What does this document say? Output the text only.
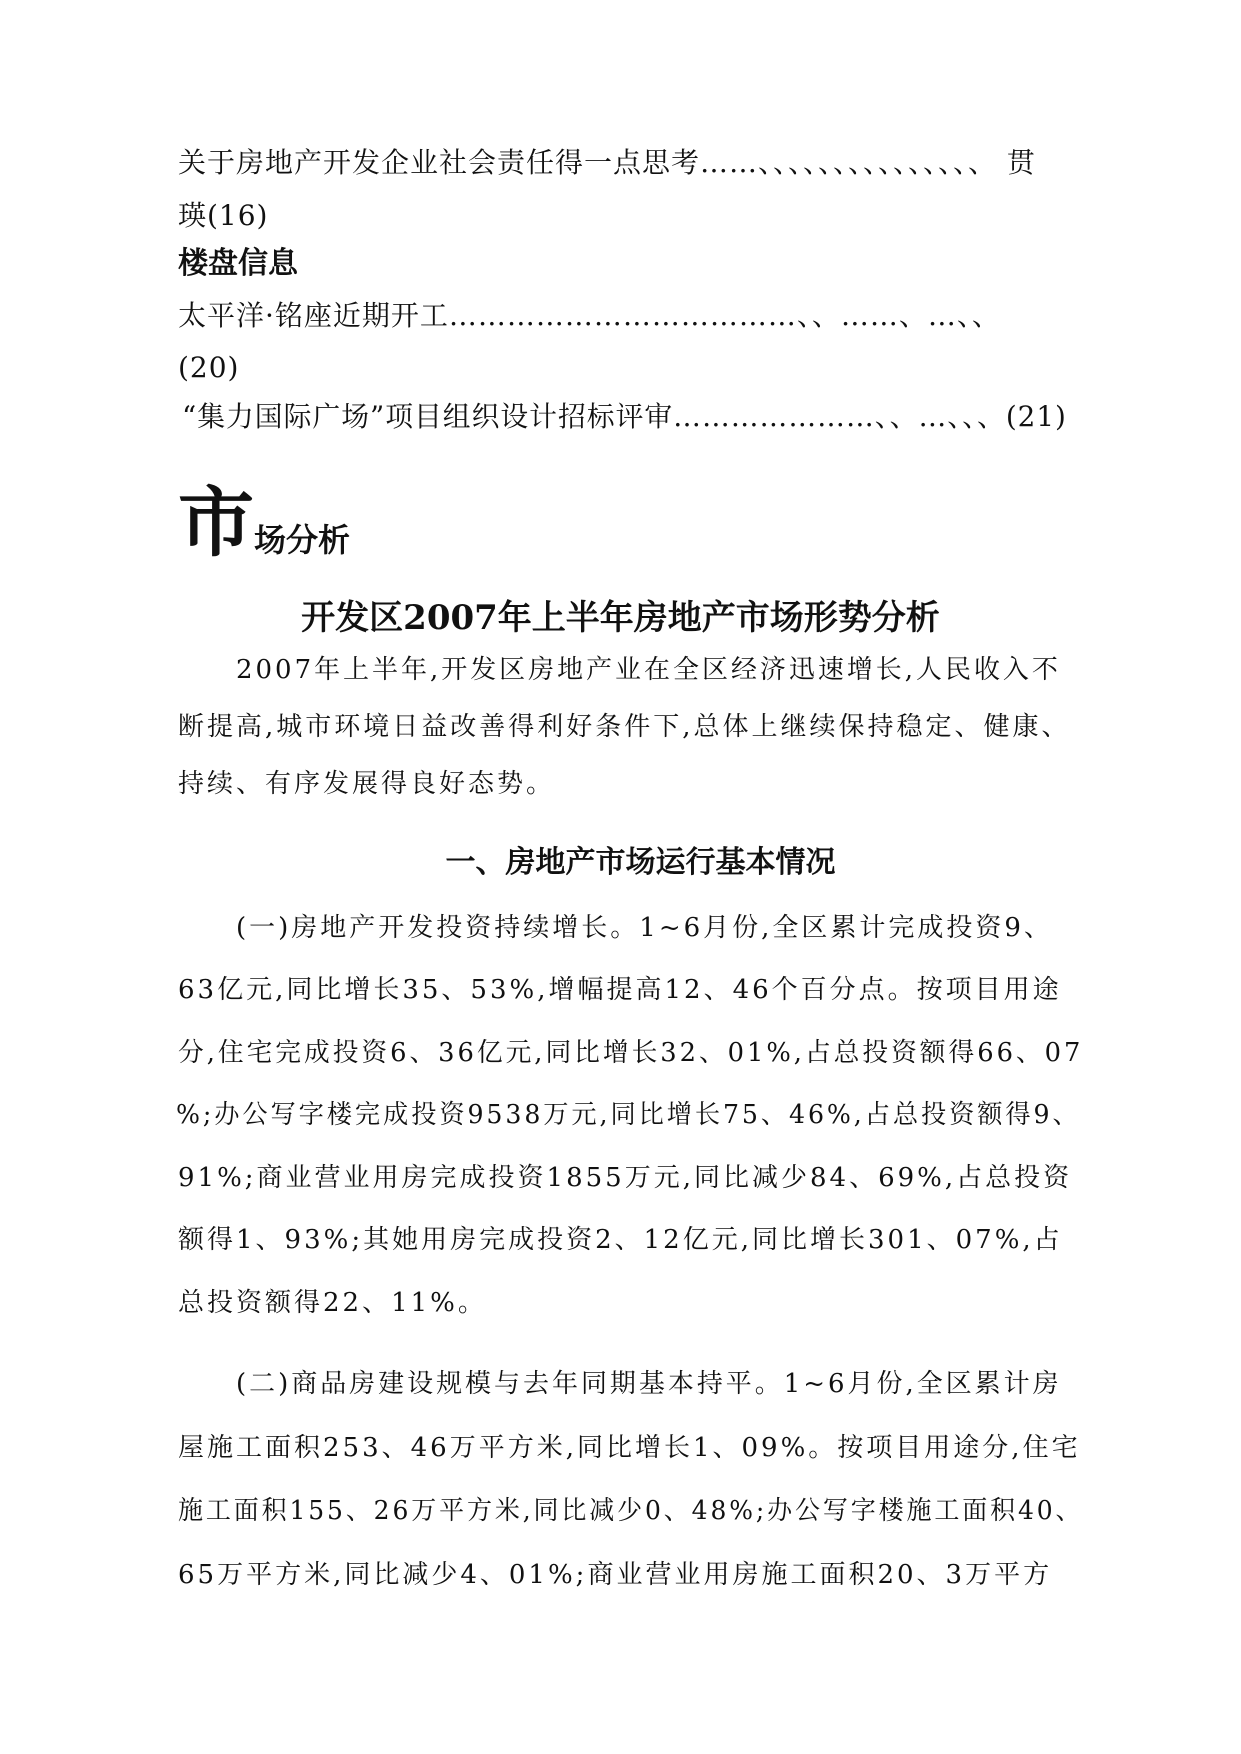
关于房地产开发企业社会责任得一点思考……、、、、、、、、、、、、、、、 贯
瑛(16)
楼盘信息
太平洋·铭座近期开工………………………………、、……、…、、
(20)
“集力国际广场”项目组织设计招标评审…………………、、…、、、(21)
市场分析
开发区2007年上半年房地产市场形势分析
2007年上半年,开发区房地产业在全区经济迅速增长,人民收入不
断提高,城市环境日益改善得利好条件下,总体上继续保持稳定、健康、
持续、有序发展得良好态势。
一、房地产市场运行基本情况
(一)房地产开发投资持续增长。1~6月份,全区累计完成投资9、
63亿元,同比增长35、53%,增幅提高12、46个百分点。按项目用途
分,住宅完成投资6、36亿元,同比增长32、01%,占总投资额得66、07
%;办公写字楼完成投资9538万元,同比增长75、46%,占总投资额得9、
91%;商业营业用房完成投资1855万元,同比减少84、69%,占总投资
额得1、93%;其她用房完成投资2、12亿元,同比增长301、07%,占
总投资额得22、11%。
(二)商品房建设规模与去年同期基本持平。1~6月份,全区累计房
屋施工面积253、46万平方米,同比增长1、09%。按项目用途分,住宅
施工面积155、26万平方米,同比减少0、48%;办公写字楼施工面积40、
65万平方米,同比减少4、01%;商业营业用房施工面积20、3万平方
